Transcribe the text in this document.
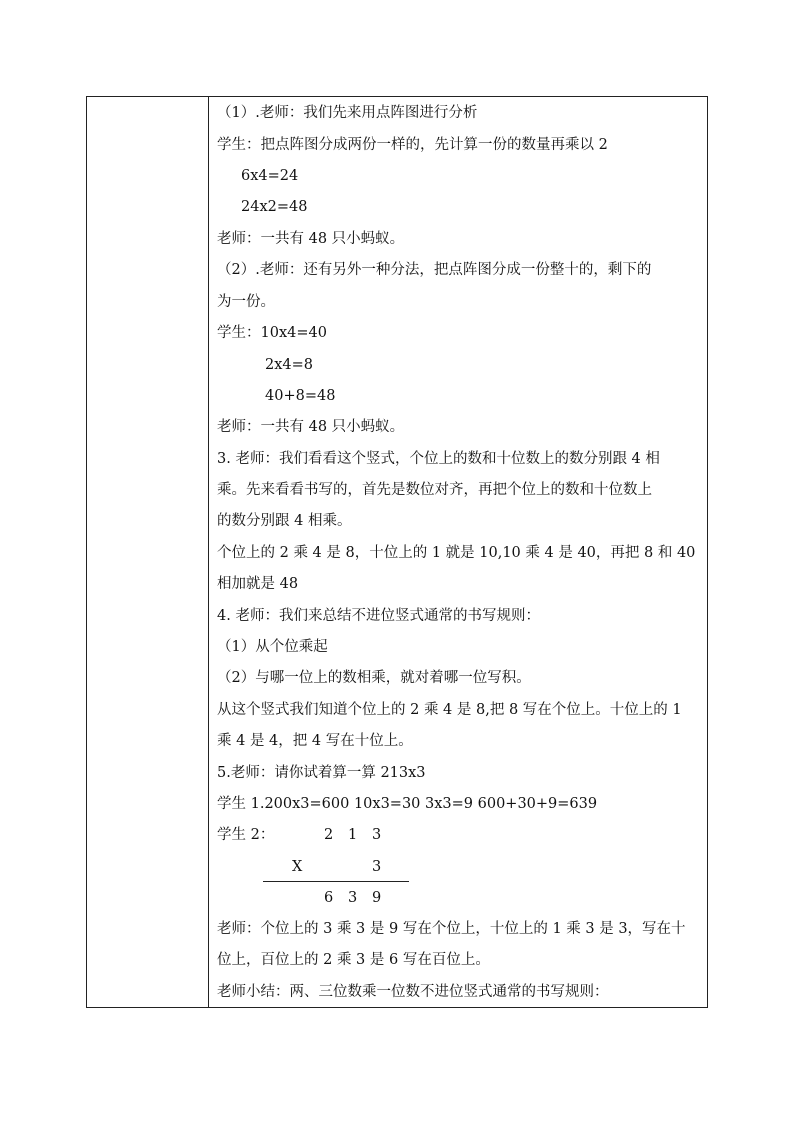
（1）.老师：我们先来用点阵图进行分析
学生：把点阵图分成两份一样的，先计算一份的数量再乘以 2
6x4=24
24x2=48
老师：一共有 48 只小蚂蚁。
（2）.老师：还有另外一种分法，把点阵图分成一份整十的，剩下的
为一份。
学生：10x4=40
2x4=8
40+8=48
老师：一共有 48 只小蚂蚁。
3. 老师：我们看看这个竖式，个位上的数和十位数上的数分别跟 4 相
乘。先来看看书写的，首先是数位对齐，再把个位上的数和十位数上
的数分别跟 4 相乘。
个位上的 2 乘 4 是 8，十位上的 1 就是 10,10 乘 4 是 40，再把 8 和 40
相加就是 48
4. 老师：我们来总结不进位竖式通常的书写规则：
（1）从个位乘起
（2）与哪一位上的数相乘，就对着哪一位写积。
从这个竖式我们知道个位上的 2 乘 4 是 8,把 8 写在个位上。十位上的 1
乘 4 是 4，把 4 写在十位上。
5.老师：请你试着算一算 213x3
学生 1.200x3=600 10x3=30 3x3=9 600+30+9=639
学生 2：	2 1 3
X	3
6 3 9
老师：个位上的 3 乘 3 是 9 写在个位上，十位上的 1 乘 3 是 3，写在十
位上，百位上的 2 乘 3 是 6 写在百位上。
老师小结：两、三位数乘一位数不进位竖式通常的书写规则：
